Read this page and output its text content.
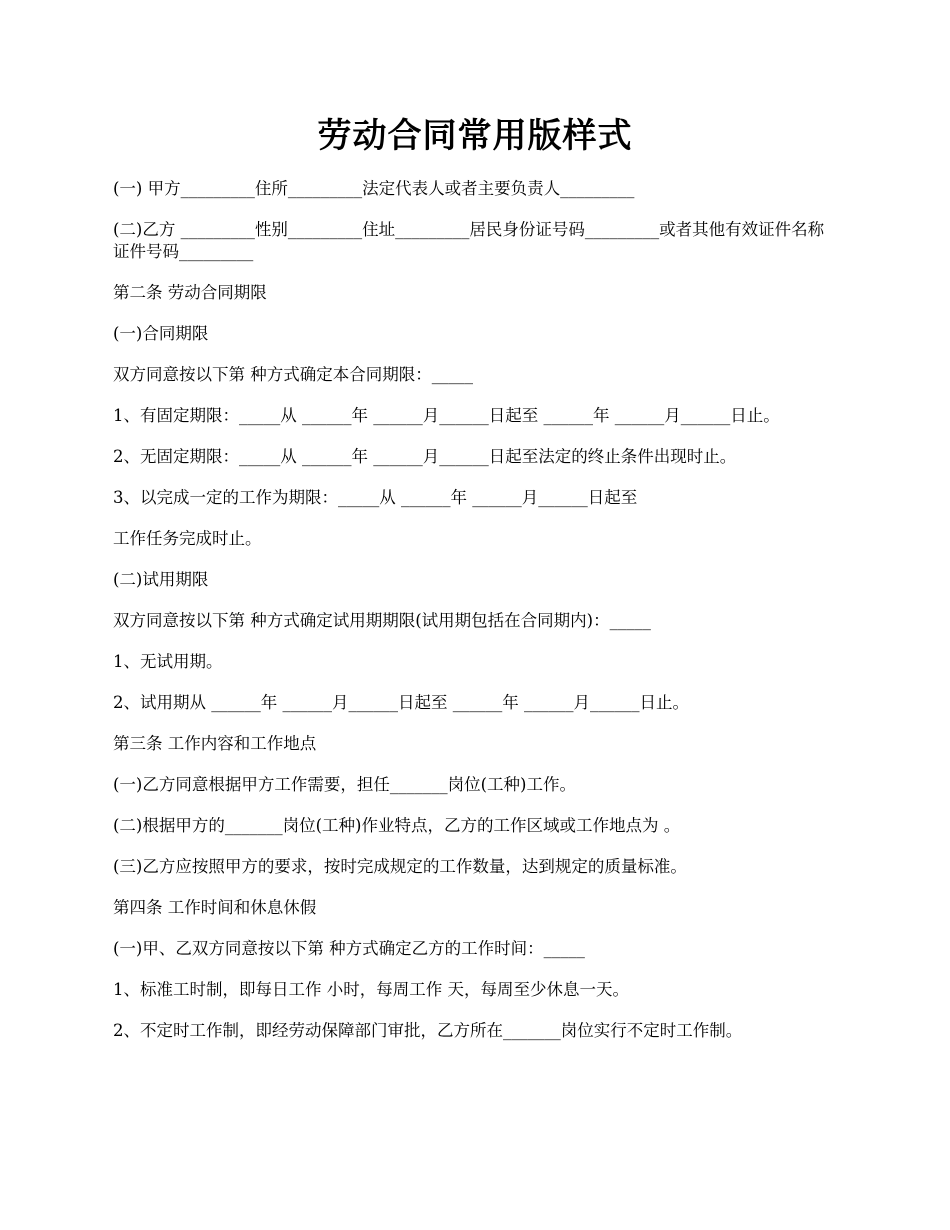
劳动合同常用版样式

(一) 甲方_________住所_________法定代表人或者主要负责人_________

(二)乙方 _________性别_________住址_________居民身份证号码_________或者其他有效证件名称 证件号码_________

第二条 劳动合同期限

(一)合同期限

双方同意按以下第 种方式确定本合同期限：_____

1、有固定期限：_____从 ______年 ______月______日起至 ______年 ______月______日止。

2、无固定期限：_____从 ______年 ______月______日起至法定的终止条件出现时止。

3、以完成一定的工作为期限：_____从 ______年 ______月______日起至

工作任务完成时止。

(二)试用期限

双方同意按以下第 种方式确定试用期期限(试用期包括在合同期内)：_____

1、无试用期。

2、试用期从 ______年 ______月______日起至 ______年 ______月______日止。

第三条 工作内容和工作地点

(一)乙方同意根据甲方工作需要，担任_______岗位(工种)工作。

(二)根据甲方的_______岗位(工种)作业特点，乙方的工作区域或工作地点为 。

(三)乙方应按照甲方的要求，按时完成规定的工作数量，达到规定的质量标准。

第四条 工作时间和休息休假

(一)甲、乙双方同意按以下第 种方式确定乙方的工作时间：_____

1、标准工时制，即每日工作 小时，每周工作 天，每周至少休息一天。

2、不定时工作制，即经劳动保障部门审批，乙方所在_______岗位实行不定时工作制。
